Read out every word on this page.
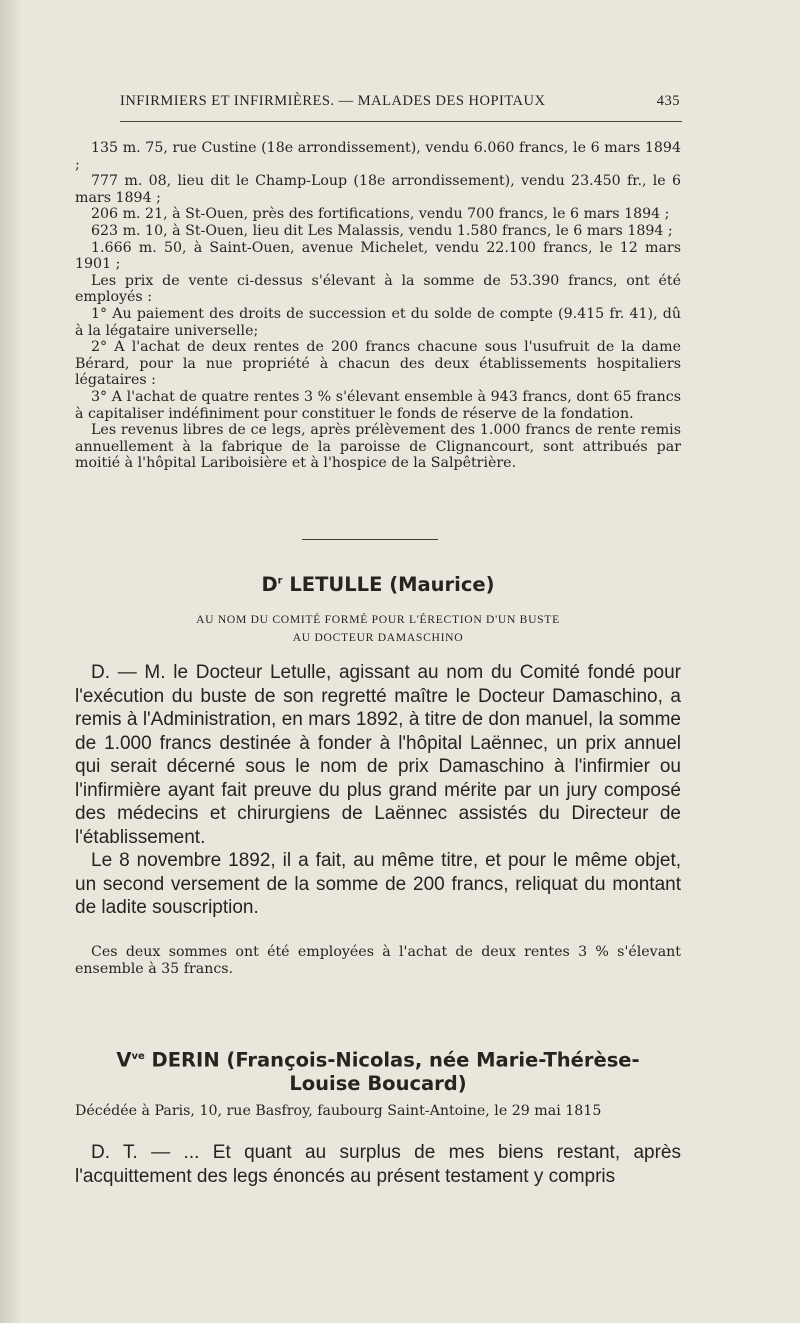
INFIRMIERS ET INFIRMIÈRES. — MALADES DES HOPITAUX	435

135 m. 75, rue Custine (18e arrondissement), vendu 6.060 francs, le 6 mars 1894 ;

777 m. 08, lieu dit le Champ-Loup (18e arrondissement), vendu 23.450 fr., le 6 mars 1894 ;

206 m. 21, à St-Ouen, près des fortifications, vendu 700 francs, le 6 mars 1894 ;

623 m. 10, à St-Ouen, lieu dit Les Malassis, vendu 1.580 francs, le 6 mars 1894 ;

1.666 m. 50, à Saint-Ouen, avenue Michelet, vendu 22.100 francs, le 12 mars 1901 ;

Les prix de vente ci-dessus s'élevant à la somme de 53.390 francs, ont été employés :

1° Au paiement des droits de succession et du solde de compte (9.415 fr. 41), dû à la légataire universelle;

2° A l'achat de deux rentes de 200 francs chacune sous l'usufruit de la dame Bérard, pour la nue propriété à chacun des deux établissements hospitaliers légataires :

3° A l'achat de quatre rentes 3 % s'élevant ensemble à 943 francs, dont 65 francs à capitaliser indéfiniment pour constituer le fonds de réserve de la fondation.

Les revenus libres de ce legs, après prélèvement des 1.000 francs de rente remis annuellement à la fabrique de la paroisse de Clignancourt, sont attribués par moitié à l'hôpital Lariboisière et à l'hospice de la Salpêtrière.

$D^r$ LETULLE (Maurice)
AU NOM DU COMITÉ FORMÉ POUR L'ÉRECTION D'UN BUSTE
AU DOCTEUR DAMASCHINO

D. — M. le Docteur Letulle, agissant au nom du Comité fondé pour l'exécution du buste de son regretté maître le Docteur Damaschino, a remis à l'Administration, en mars 1892, à titre de don manuel, la somme de 1.000 francs destinée à fonder à l'hôpital Laënnec, un prix annuel qui serait décerné sous le nom de prix Damaschino à l'infirmier ou l'infirmière ayant fait preuve du plus grand mérite par un jury composé des médecins et chirurgiens de Laënnec assistés du Directeur de l'établissement.

Le 8 novembre 1892, il a fait, au même titre, et pour le même objet, un second versement de la somme de 200 francs, reliquat du montant de ladite souscription.

Ces deux sommes ont été employées à l'achat de deux rentes 3 % s'élevant ensemble à 35 francs.

$V^{ve}$ DERIN (François-Nicolas, née Marie-Thérèse-
Louise Boucard)
Décédée à Paris, 10, rue Basfroy, faubourg Saint-Antoine, le 29 mai 1815

D. T. — ... Et quant au surplus de mes biens restant, après l'acquittement des legs énoncés au présent testament y compris
